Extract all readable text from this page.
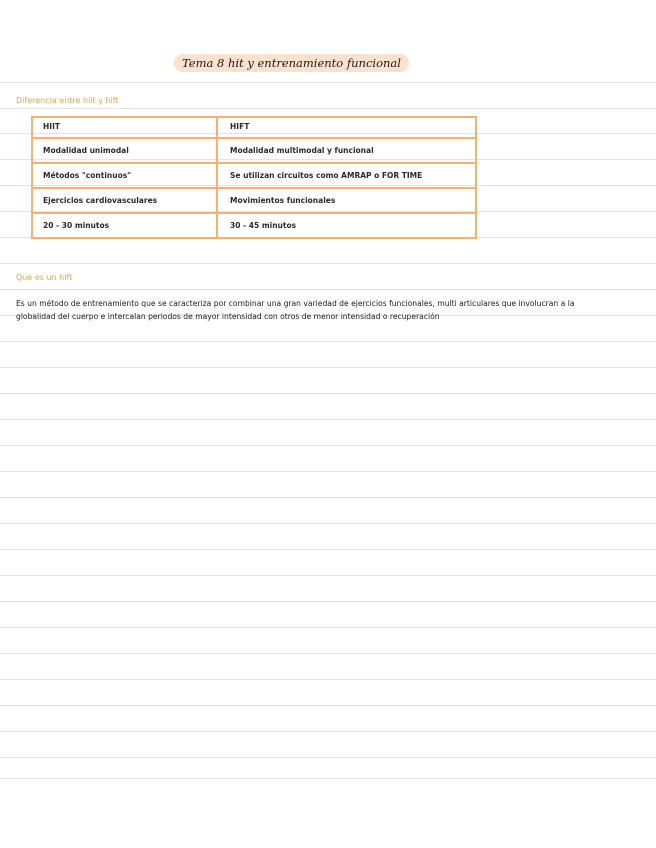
Tema 8 hit y entrenamiento funcional
Diferencia entre hiit y hift
HIIT	HIFT
Modalidad unimodal	Modalidad multimodal y funcional
Métodos "continuos"	Se utilizan circuitos como AMRAP o FOR TIME
Ejercicios cardiovasculares	Movimientos funcionales
20 - 30 minutos	30 - 45 minutos
Qué es un hift
Es un método de entrenamiento que se caracteriza por combinar una gran variedad de ejercicios funcionales, multi articulares que involucran a la globalidad del cuerpo e intercalan periodos de mayor intensidad con otros de menor intensidad o recuperación
